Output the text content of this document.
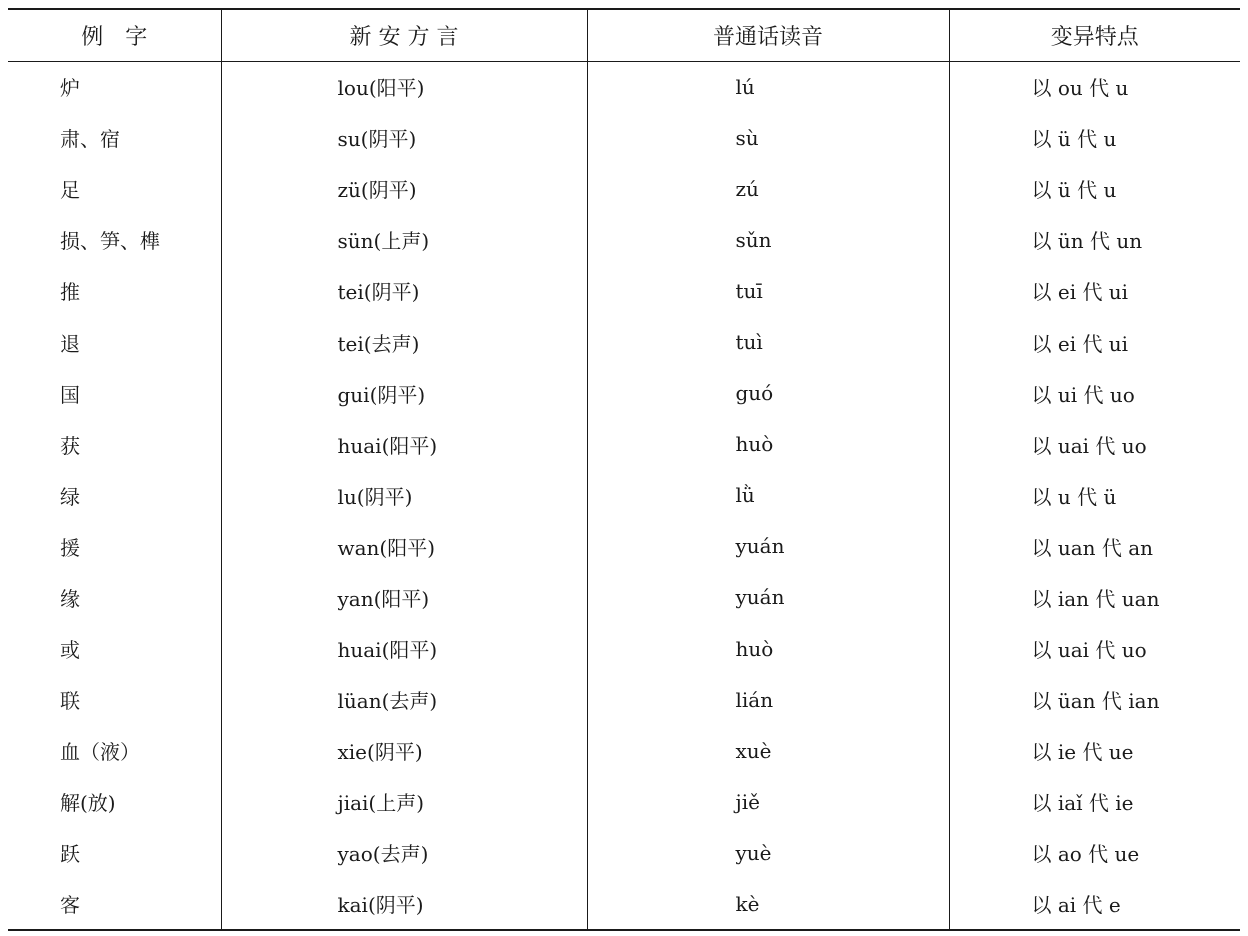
例　字	新 安 方 言	普通话读音	变异特点
炉	lou(阳平)	lú	以 ou 代 u
肃、宿	su(阴平)	sù	以 ü 代 u
足	zü(阴平)	zú	以 ü 代 u
损、笋、榫	sün(上声)	sǔn	以 ün 代 un
推	tei(阴平)	tuī	以 ei 代 ui
退	tei(去声)	tuì	以 ei 代 ui
国	gui(阴平)	guó	以 ui 代 uo
获	huai(阳平)	huò	以 uai 代 uo
绿	lu(阴平)	lǜ	以 u 代 ü
援	wan(阳平)	yuán	以 uan 代 an
缘	yan(阳平)	yuán	以 ian 代 uan
或	huai(阳平)	huò	以 uai 代 uo
联	lüan(去声)	lián	以 üan 代 ian
血（液）	xie(阴平)	xuè	以 ie 代 ue
解(放)	jiai(上声)	jiě	以 iaǐ 代 ie
跃	yao(去声)	yuè	以 ao 代 ue
客	kai(阴平)	kè	以 ai 代 e
